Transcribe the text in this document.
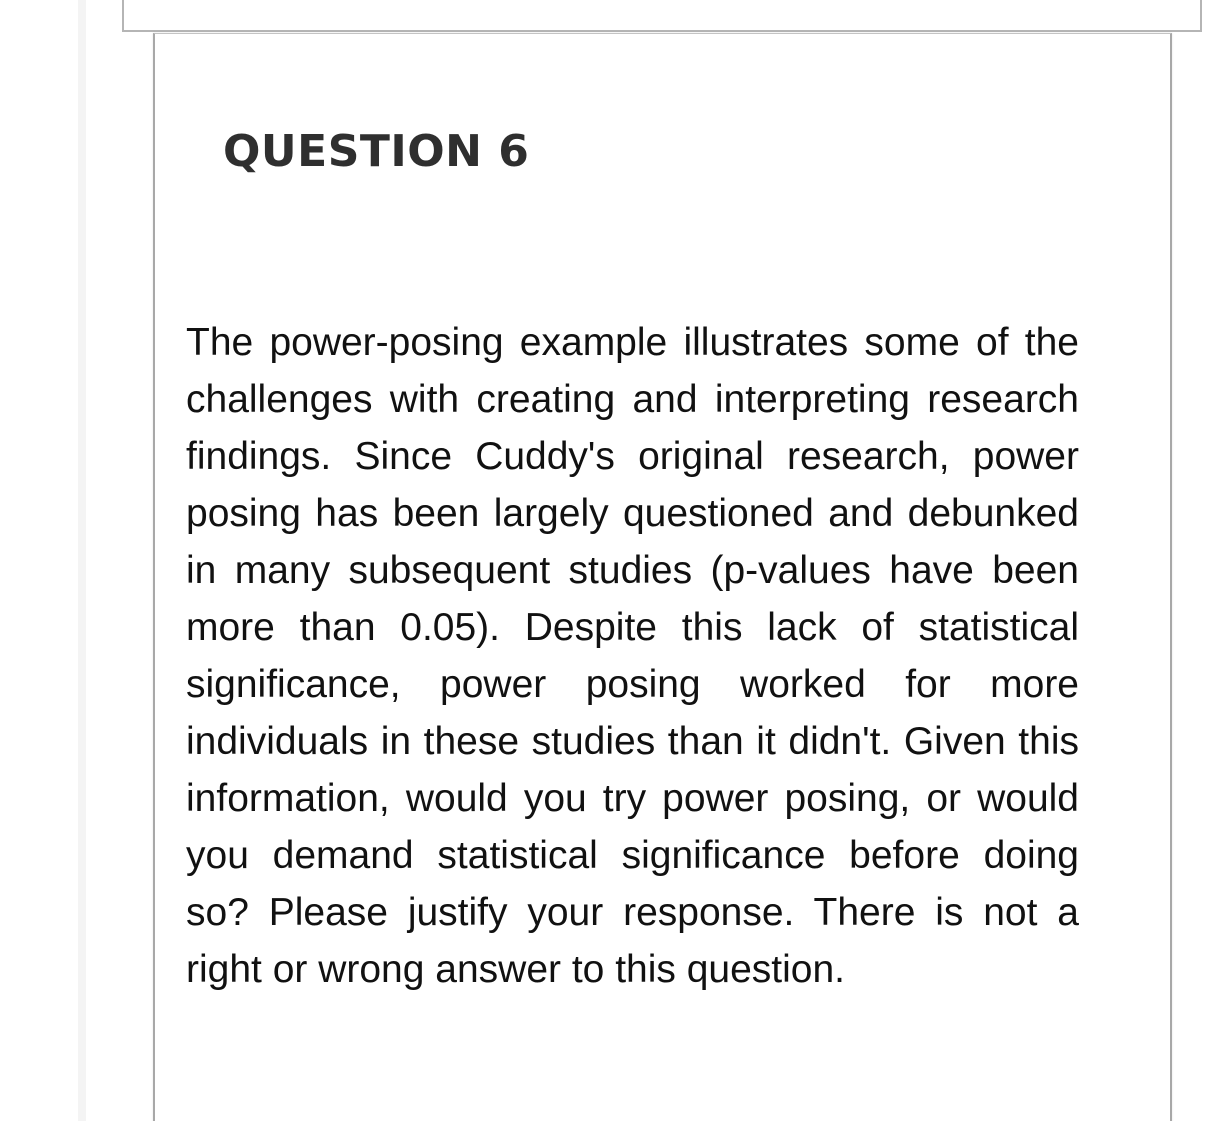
QUESTION 6

The power-posing example illustrates some of the challenges with creating and interpreting research findings. Since Cuddy's original research, power posing has been largely questioned and debunked in many subsequent studies (p-values have been more than 0.05). Despite this lack of statistical significance, power posing worked for more individuals in these studies than it didn't. Given this information, would you try power posing, or would you demand statistical significance before doing so? Please justify your response. There is not a right or wrong answer to this question.
